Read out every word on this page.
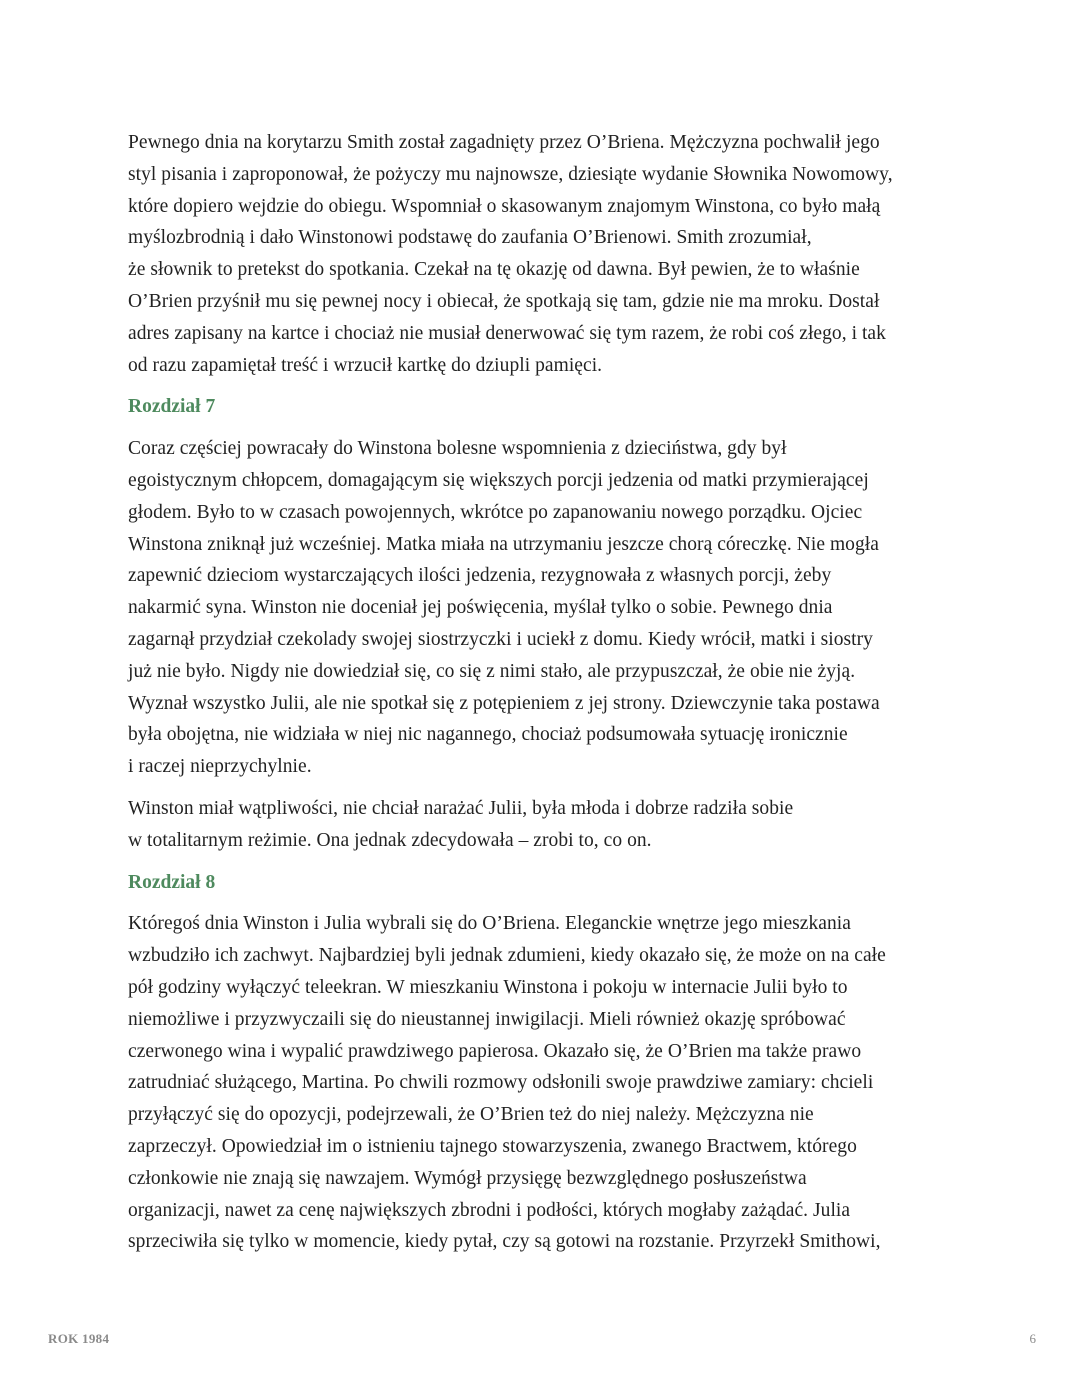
Pewnego dnia na korytarzu Smith został zagadnięty przez O’Briena. Mężczyzna pochwalił jego
styl pisania i zaproponował, że pożyczy mu najnowsze, dziesiąte wydanie Słownika Nowomowy,
które dopiero wejdzie do obiegu. Wspomniał o skasowanym znajomym Winstona, co było małą
myślozbrodnią i dało Winstonowi podstawę do zaufania O’Brienowi. Smith zrozumiał,
że słownik to pretekst do spotkania. Czekał na tę okazję od dawna. Był pewien, że to właśnie
O’Brien przyśnił mu się pewnej nocy i obiecał, że spotkają się tam, gdzie nie ma mroku. Dostał
adres zapisany na kartce i chociaż nie musiał denerwować się tym razem, że robi coś złego, i tak
od razu zapamiętał treść i wrzucił kartkę do dziupli pamięci.

Rozdział 7

Coraz częściej powracały do Winstona bolesne wspomnienia z dzieciństwa, gdy był
egoistycznym chłopcem, domagającym się większych porcji jedzenia od matki przymierającej
głodem. Było to w czasach powojennych, wkrótce po zapanowaniu nowego porządku. Ojciec
Winstona zniknął już wcześniej. Matka miała na utrzymaniu jeszcze chorą córeczkę. Nie mogła
zapewnić dzieciom wystarczających ilości jedzenia, rezygnowała z własnych porcji, żeby
nakarmić syna. Winston nie doceniał jej poświęcenia, myślał tylko o sobie. Pewnego dnia
zagarnął przydział czekolady swojej siostrzyczki i uciekł z domu. Kiedy wrócił, matki i siostry
już nie było. Nigdy nie dowiedział się, co się z nimi stało, ale przypuszczał, że obie nie żyją.
Wyznał wszystko Julii, ale nie spotkał się z potępieniem z jej strony. Dziewczynie taka postawa
była obojętna, nie widziała w niej nic nagannego, chociaż podsumowała sytuację ironicznie
i raczej nieprzychylnie.

Winston miał wątpliwości, nie chciał narażać Julii, była młoda i dobrze radziła sobie
w totalitarnym reżimie. Ona jednak zdecydowała – zrobi to, co on.

Rozdział 8

Któregoś dnia Winston i Julia wybrali się do O’Briena. Eleganckie wnętrze jego mieszkania
wzbudziło ich zachwyt. Najbardziej byli jednak zdumieni, kiedy okazało się, że może on na całe
pół godziny wyłączyć teleekran. W mieszkaniu Winstona i pokoju w internacie Julii było to
niemożliwe i przyzwyczaili się do nieustannej inwigilacji. Mieli również okazję spróbować
czerwonego wina i wypalić prawdziwego papierosa. Okazało się, że O’Brien ma także prawo
zatrudniać służącego, Martina. Po chwili rozmowy odsłonili swoje prawdziwe zamiary: chcieli
przyłączyć się do opozycji, podejrzewali, że O’Brien też do niej należy. Mężczyzna nie
zaprzeczył. Opowiedział im o istnieniu tajnego stowarzyszenia, zwanego Bractwem, którego
członkowie nie znają się nawzajem. Wymógł przysięgę bezwzględnego posłuszeństwa
organizacji, nawet za cenę największych zbrodni i podłości, których mogłaby zażądać. Julia
sprzeciwiła się tylko w momencie, kiedy pytał, czy są gotowi na rozstanie. Przyrzekł Smithowi,

ROK 1984	6
